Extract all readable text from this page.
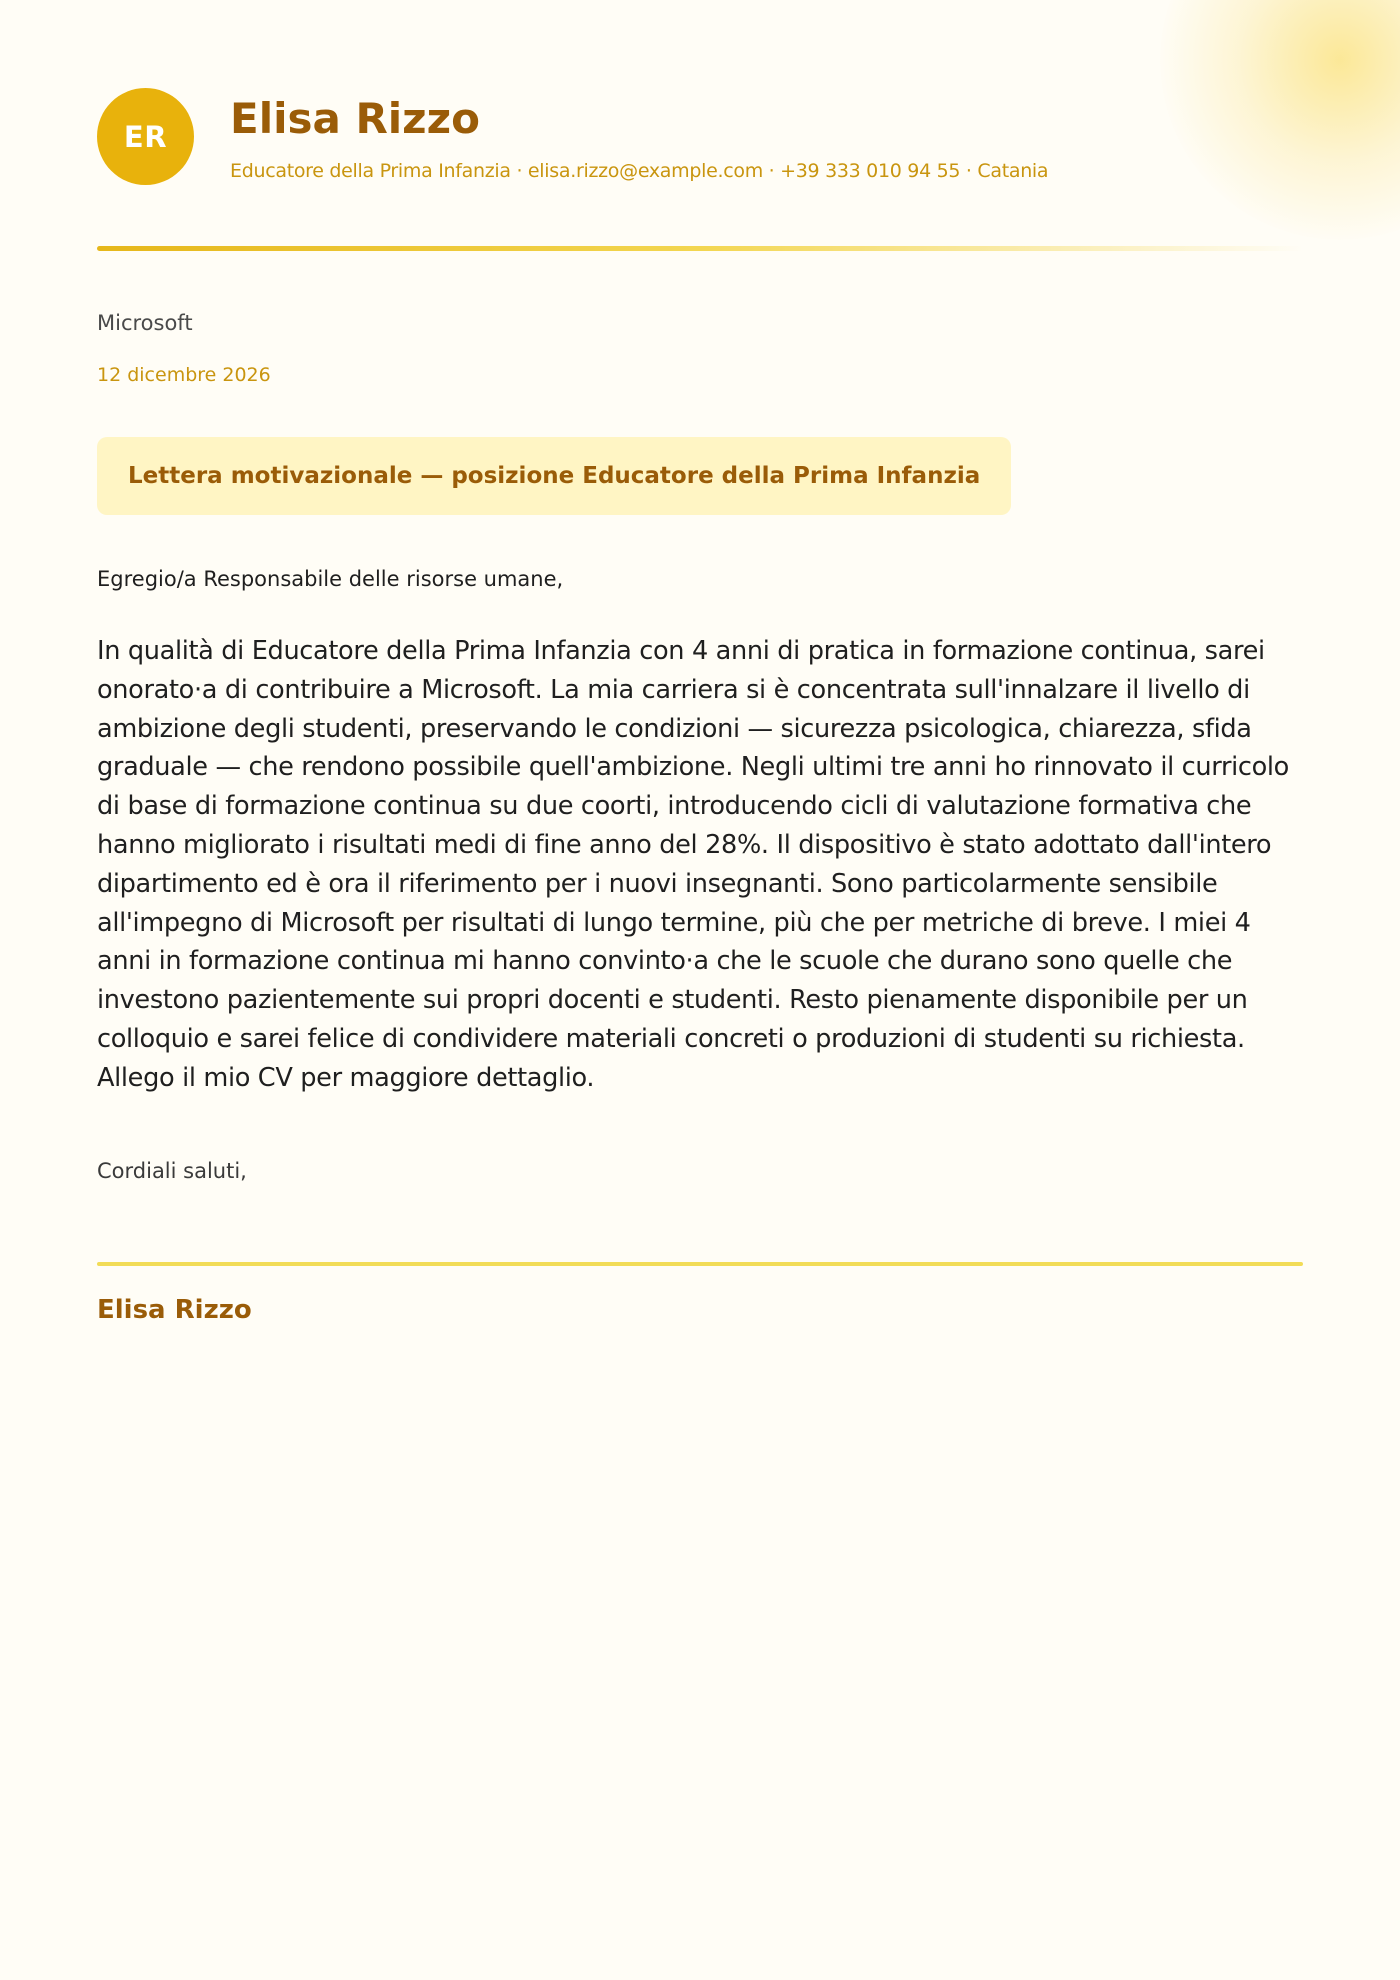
ER	Elisa Rizzo
Educatore della Prima Infanzia · elisa.rizzo@example.com · +39 333 010 94 55 · Catania
Microsoft
12 dicembre 2026
Lettera motivazionale — posizione Educatore della Prima Infanzia
Egregio/a Responsabile delle risorse umane,

In qualità di Educatore della Prima Infanzia con 4 anni di pratica in formazione continua, sarei onorato·a di contribuire a Microsoft. La mia carriera si è concentrata sull'innalzare il livello di ambizione degli studenti, preservando le condizioni — sicurezza psicologica, chiarezza, sfida graduale — che rendono possibile quell'ambizione. Negli ultimi tre anni ho rinnovato il curricolo di base di formazione continua su due coorti, introducendo cicli di valutazione formativa che hanno migliorato i risultati medi di fine anno del 28%. Il dispositivo è stato adottato dall'intero dipartimento ed è ora il riferimento per i nuovi insegnanti. Sono particolarmente sensibile all'impegno di Microsoft per risultati di lungo termine, più che per metriche di breve. I miei 4 anni in formazione continua mi hanno convinto·a che le scuole che durano sono quelle che investono pazientemente sui propri docenti e studenti. Resto pienamente disponibile per un colloquio e sarei felice di condividere materiali concreti o produzioni di studenti su richiesta. Allego il mio CV per maggiore dettaglio.

Cordiali saluti,
Elisa Rizzo
